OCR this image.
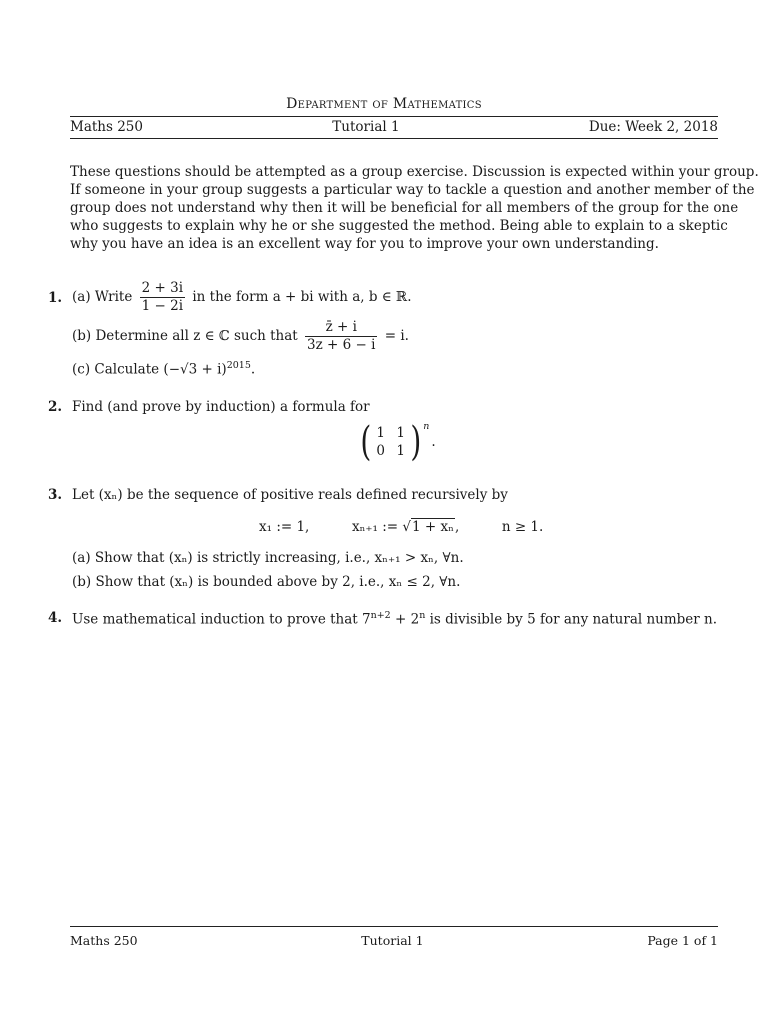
Department of Mathematics
Maths 250	Tutorial 1	Due: Week 2, 2018
These questions should be attempted as a group exercise. Discussion is expected within your group.
If someone in your group suggests a particular way to tackle a question and another member of the
group does not understand why then it will be beneficial for all members of the group for the one
who suggests to explain why he or she suggested the method. Being able to explain to a skeptic
why you have an idea is an excellent way for you to improve your own understanding.
1. (a) Write $\frac{2 + 3i}{1 - 2i}$ in the form a + bi with a, b ∈ ℝ.
(b) Determine all z ∈ ℂ such that $\frac{z̄ + i}{3z + 6 - i} = i$.
(c) Calculate $(-√3 + i)^{2015}$.
2. Find (and prove by induction) a formula for
( 1 1
0 1 ) n
.
3. Let (xₙ) be the sequence of positive reals defined recursively by
x₁ := 1,	xₙ₊₁ := √1 + xₙ,	n ≥ 1.
(a) Show that (xₙ) is strictly increasing, i.e., xₙ₊₁ > xₙ, ∀n.
(b) Show that (xₙ) is bounded above by 2, i.e., xₙ ≤ 2, ∀n.
4. Use mathematical induction to prove that $7^{n+2} + 2^n$ is divisible by 5 for any natural number n.
Maths 250	Tutorial 1	Page 1 of 1
